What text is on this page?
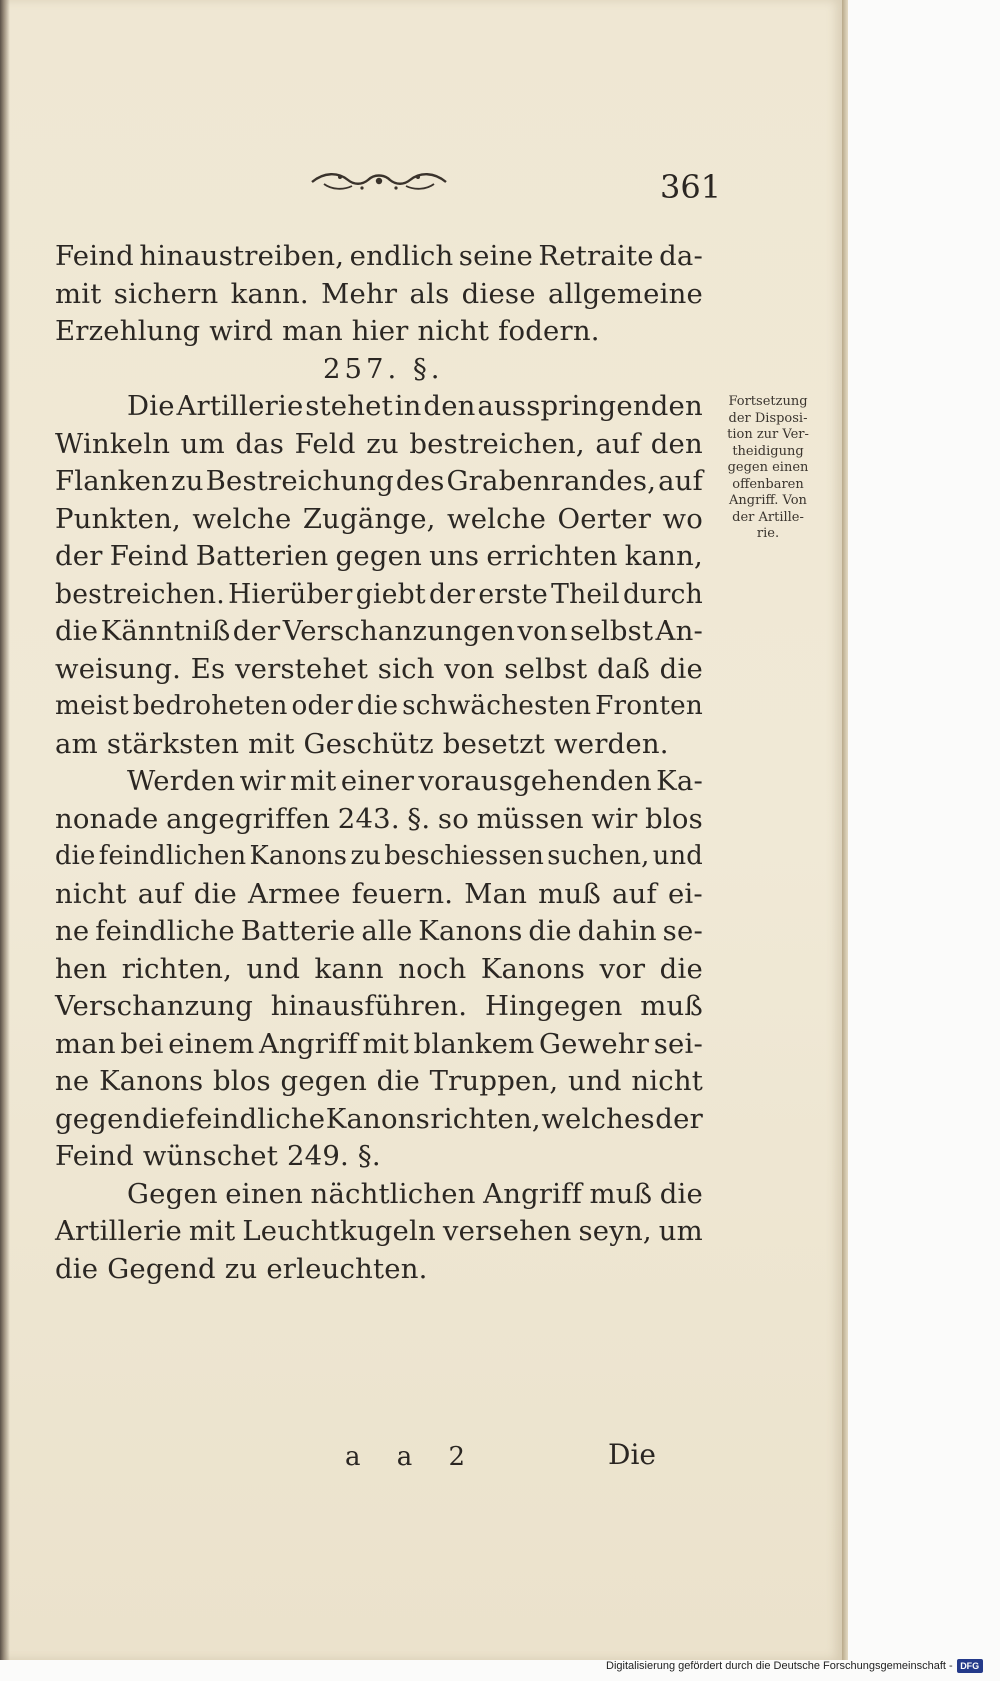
361
Feind hinaustreiben, endlich seine Retraite da-
mit sichern kann. Mehr als diese allgemeine
Erzehlung wird man hier nicht fodern.
257. §.
Die Artillerie stehet in den ausspringenden
Winkeln um das Feld zu bestreichen, auf den
Flanken zu Bestreichung des Grabenrandes, auf
Punkten, welche Zugänge, welche Oerter wo
der Feind Batterien gegen uns errichten kann,
bestreichen. Hierüber giebt der erste Theil durch
die Känntniß der Verschanzungen von selbst An-
weisung. Es verstehet sich von selbst daß die
meist bedroheten oder die schwächesten Fronten
am stärksten mit Geschütz besetzt werden.
Werden wir mit einer vorausgehenden Ka-
nonade angegriffen 243. §. so müssen wir blos
die feindlichen Kanons zu beschiessen suchen, und
nicht auf die Armee feuern. Man muß auf ei-
ne feindliche Batterie alle Kanons die dahin se-
hen richten, und kann noch Kanons vor die
Verschanzung hinausführen. Hingegen muß
man bei einem Angriff mit blankem Gewehr sei-
ne Kanons blos gegen die Truppen, und nicht
gegen die feindliche Kanons richten, welches der
Feind wünschet 249. §.
Gegen einen nächtlichen Angriff muß die
Artillerie mit Leuchtkugeln versehen seyn, um
die Gegend zu erleuchten.
Fortsetzung
der Disposi-
tion zur Ver-
theidigung
gegen einen
offenbaren
Angriff. Von
der Artille-
rie.
a a 2	Die
Digitalisierung gefördert durch die Deutsche Forschungsgemeinschaft - DFG
